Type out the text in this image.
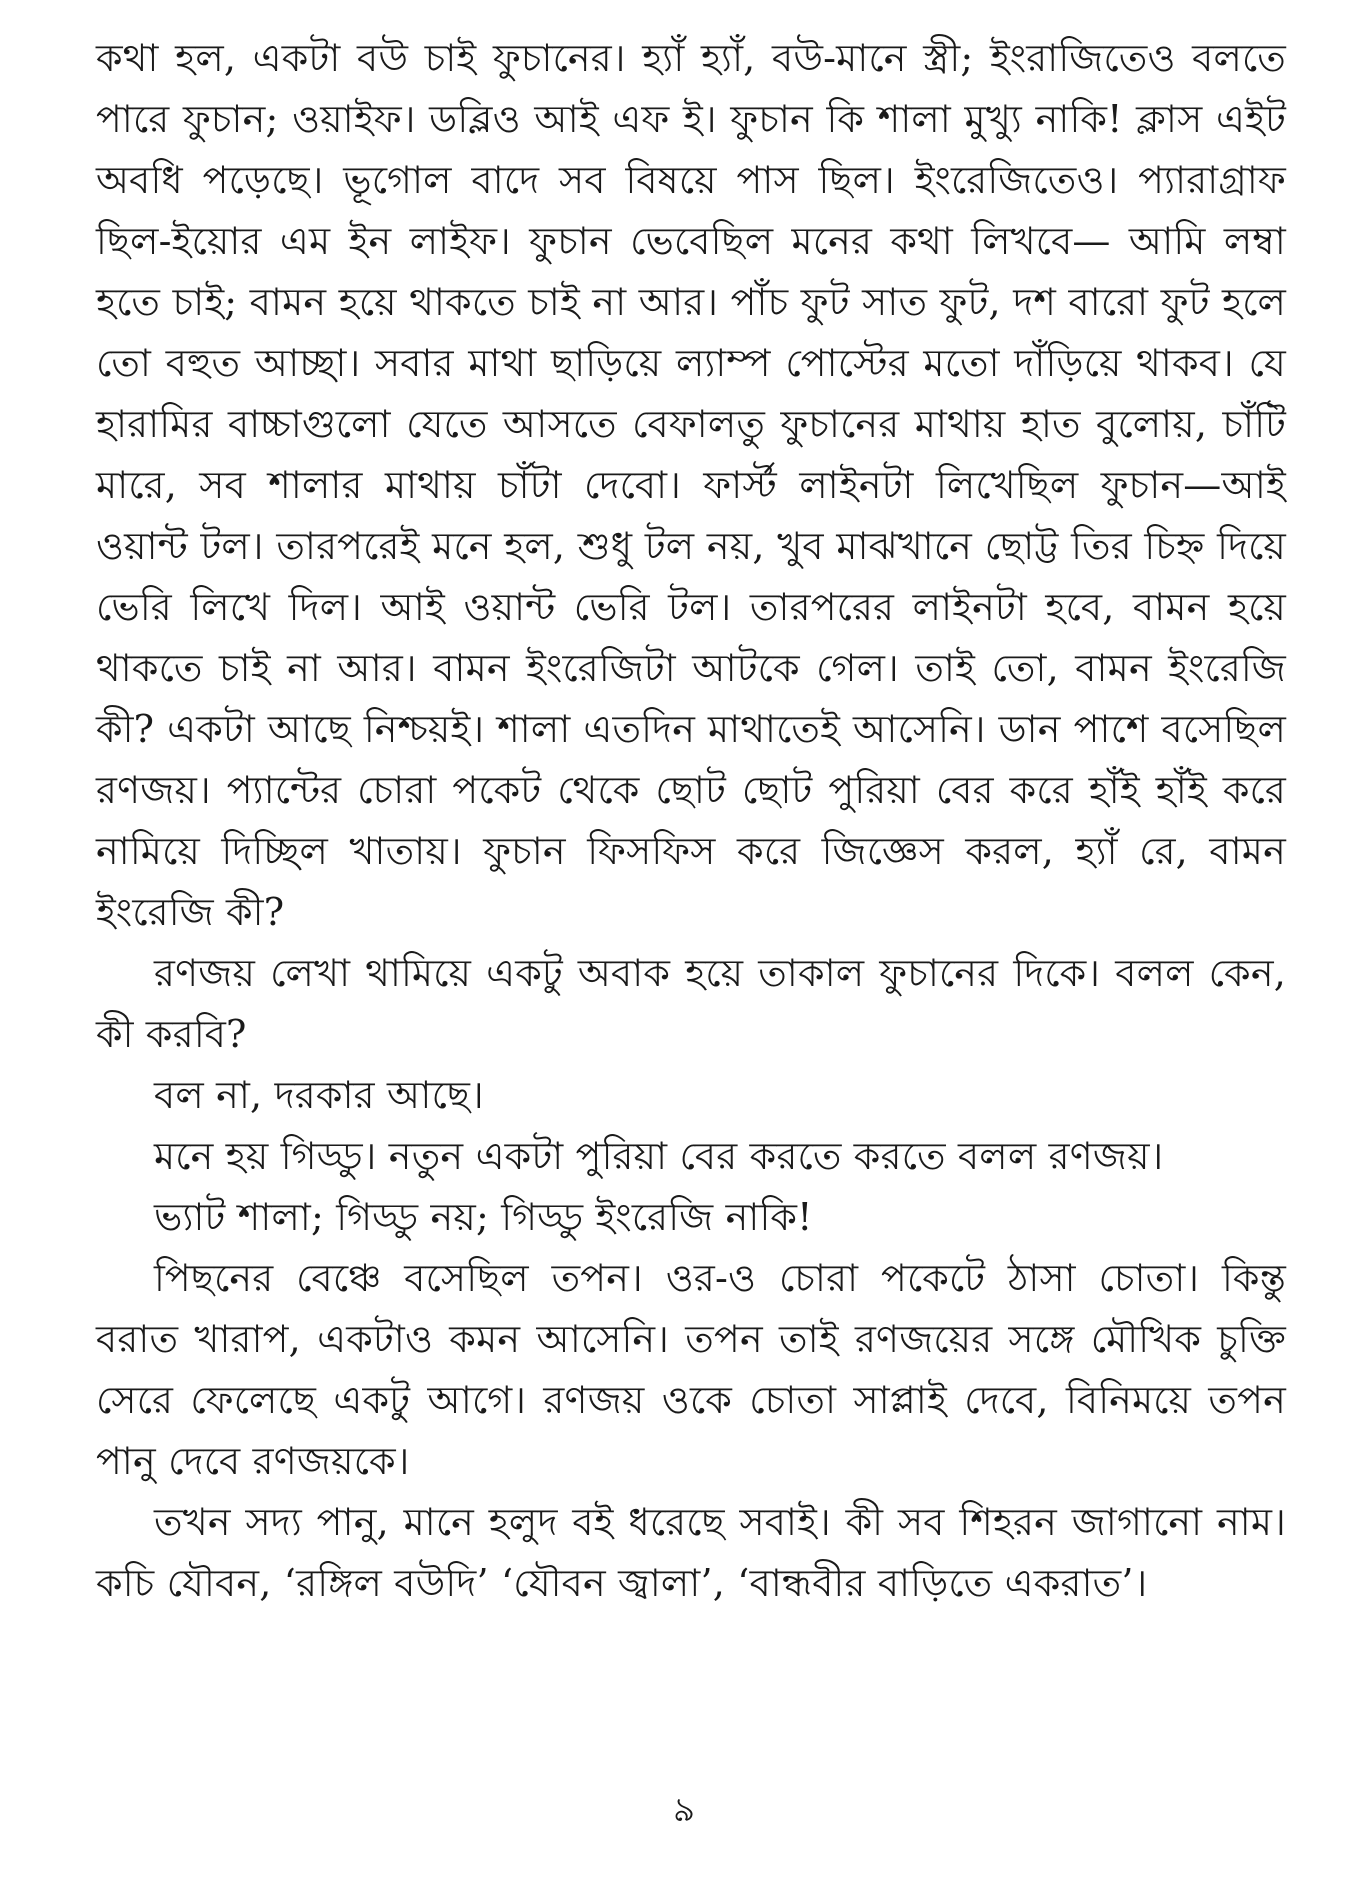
কথা হল, একটা বউ চাই ফুচানের। হ্যাঁ হ্যাঁ, বউ-মানে স্ত্রী; ইংরাজিতেও বলতে পারে ফুচান; ওয়াইফ। ডব্লিও আই এফ ই। ফুচান কি শালা মুখ্যু নাকি! ক্লাস এইট অবধি পড়েছে। ভূগোল বাদে সব বিষয়ে পাস ছিল। ইংরেজিতেও। প্যারাগ্রাফ ছিল-ইয়োর এম ইন লাইফ। ফুচান ভেবেছিল মনের কথা লিখবে— আমি লম্বা হতে চাই; বামন হয়ে থাকতে চাই না আর। পাঁচ ফুট সাত ফুট, দশ বারো ফুট হলে তো বহুত আচ্ছা। সবার মাথা ছাড়িয়ে ল্যাম্প পোস্টের মতো দাঁড়িয়ে থাকব। যে হারামির বাচ্চাগুলো যেতে আসতে বেফালতু ফুচানের মাথায় হাত বুলোয়, চাঁটি মারে, সব শালার মাথায় চাঁটা দেবো। ফার্স্ট লাইনটা লিখেছিল ফুচান—আই ওয়ান্ট টল। তারপরেই মনে হল, শুধু টল নয়, খুব মাঝখানে ছোট্ট তির চিহ্ন দিয়ে ভেরি লিখে দিল। আই ওয়ান্ট ভেরি টল। তারপরের লাইনটা হবে, বামন হয়ে থাকতে চাই না আর। বামন ইংরেজিটা আটকে গেল। তাই তো, বামন ইংরেজি কী? একটা আছে নিশ্চয়ই। শালা এতদিন মাথাতেই আসেনি। ডান পাশে বসেছিল রণজয়। প্যান্টের চোরা পকেট থেকে ছোট ছোট পুরিয়া বের করে হাঁই হাঁই করে নামিয়ে দিচ্ছিল খাতায়। ফুচান ফিসফিস করে জিজ্ঞেস করল, হ্যাঁ রে, বামন ইংরেজি কী?

রণজয় লেখা থামিয়ে একটু অবাক হয়ে তাকাল ফুচানের দিকে। বলল কেন, কী করবি?

বল না, দরকার আছে।

মনে হয় গিড্ডু। নতুন একটা পুরিয়া বের করতে করতে বলল রণজয়।

ভ্যাট শালা; গিড্ডু নয়; গিড্ডু ইংরেজি নাকি!

পিছনের বেঞ্চে বসেছিল তপন। ওর-ও চোরা পকেটে ঠাসা চোতা। কিন্তু বরাত খারাপ, একটাও কমন আসেনি। তপন তাই রণজয়ের সঙ্গে মৌখিক চুক্তি সেরে ফেলেছে একটু আগে। রণজয় ওকে চোতা সাপ্লাই দেবে, বিনিময়ে তপন পানু দেবে রণজয়কে।

তখন সদ্য পানু, মানে হলুদ বই ধরেছে সবাই। কী সব শিহরন জাগানো নাম। কচি যৌবন, ‘রঙ্গিল বউদি’ ‘যৌবন জ্বালা’, ‘বান্ধবীর বাড়িতে একরাত’।

৯
